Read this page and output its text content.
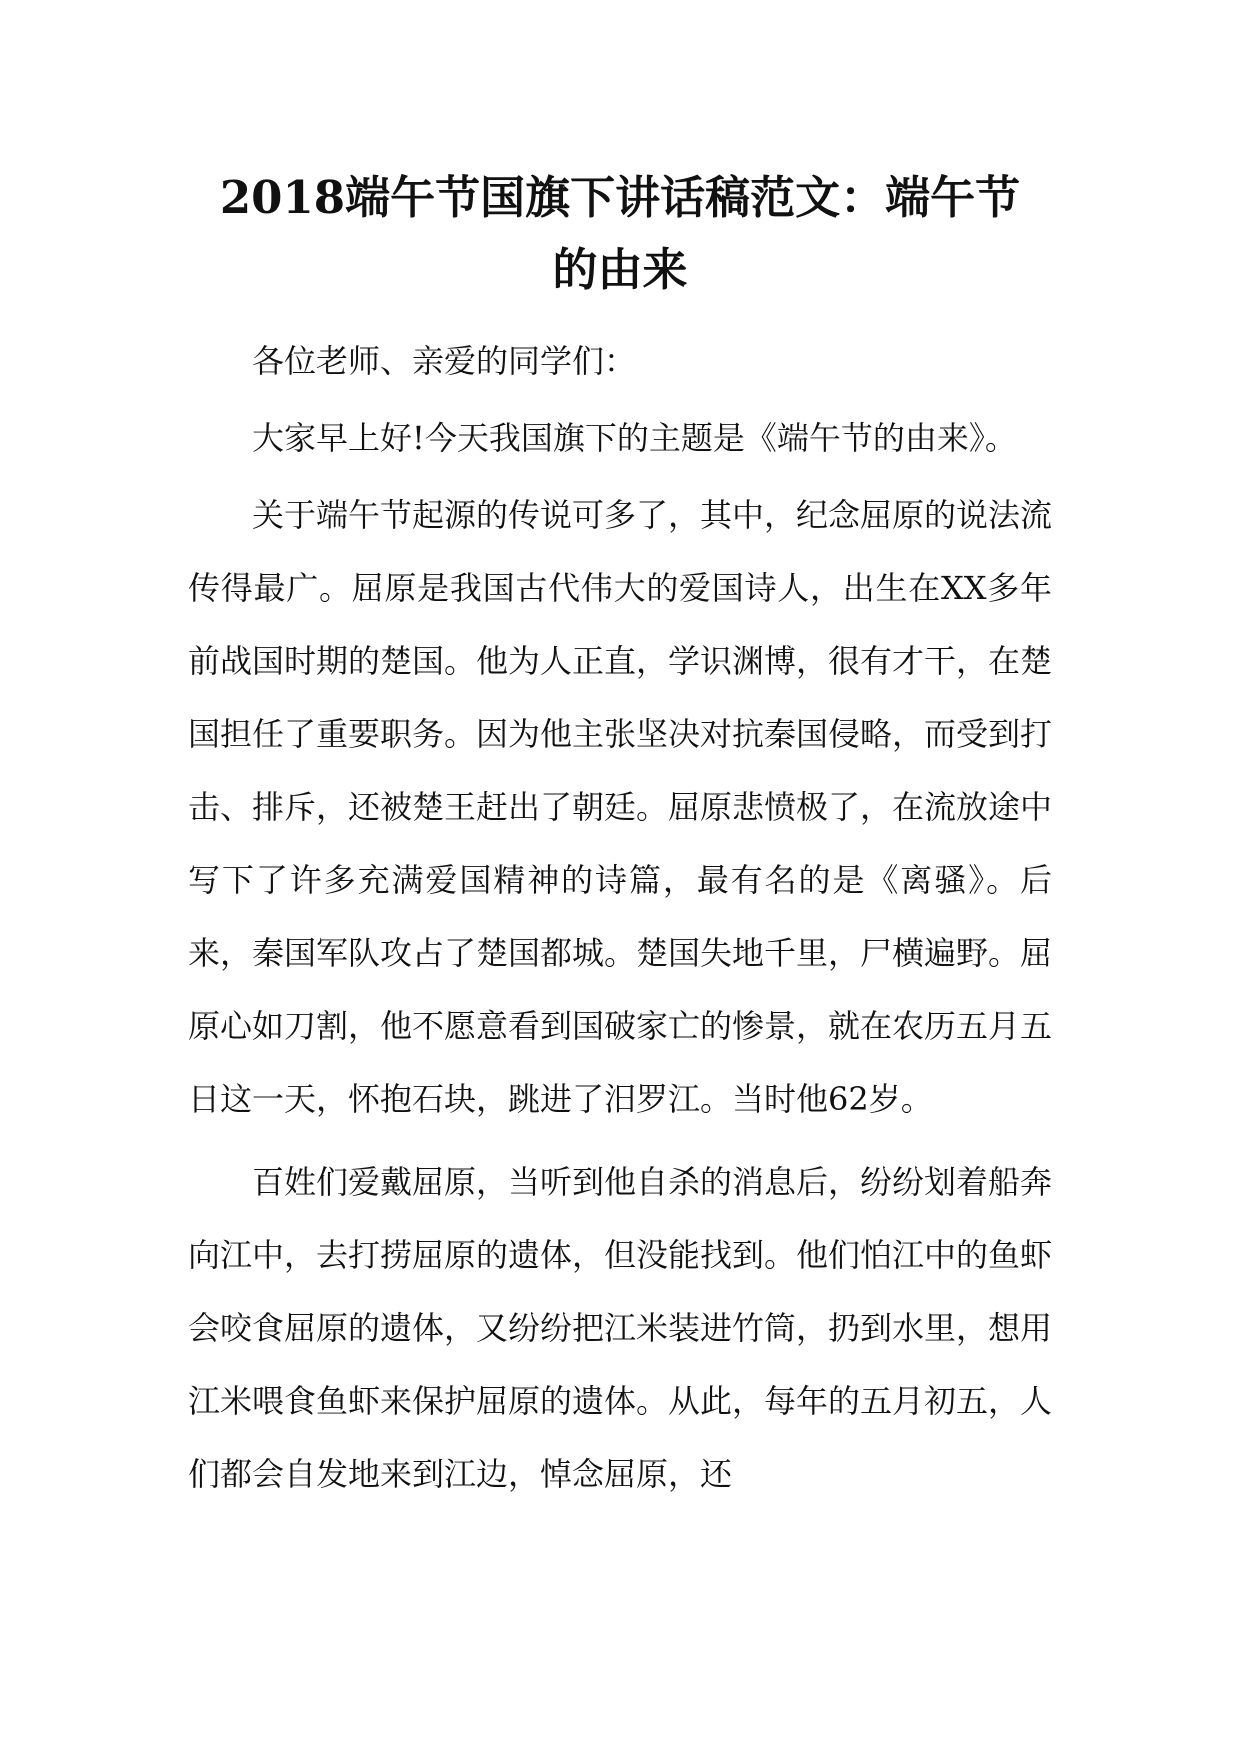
2018端午节国旗下讲话稿范文：端午节
的由来

各位老师、亲爱的同学们：

大家早上好!今天我国旗下的主题是《端午节的由来》。

关于端午节起源的传说可多了，其中，纪念屈原的说法流传得最广。屈原是我国古代伟大的爱国诗人，出生在XX多年前战国时期的楚国。他为人正直，学识渊博，很有才干，在楚国担任了重要职务。因为他主张坚决对抗秦国侵略，而受到打击、排斥，还被楚王赶出了朝廷。屈原悲愤极了，在流放途中写下了许多充满爱国精神的诗篇，最有名的是《离骚》。后来，秦国军队攻占了楚国都城。楚国失地千里，尸横遍野。屈原心如刀割，他不愿意看到国破家亡的惨景，就在农历五月五日这一天，怀抱石块，跳进了汨罗江。当时他62岁。

百姓们爱戴屈原，当听到他自杀的消息后，纷纷划着船奔向江中，去打捞屈原的遗体，但没能找到。他们怕江中的鱼虾会咬食屈原的遗体，又纷纷把江米装进竹筒，扔到水里，想用江米喂食鱼虾来保护屈原的遗体。从此，每年的五月初五，人们都会自发地来到江边，悼念屈原，还
